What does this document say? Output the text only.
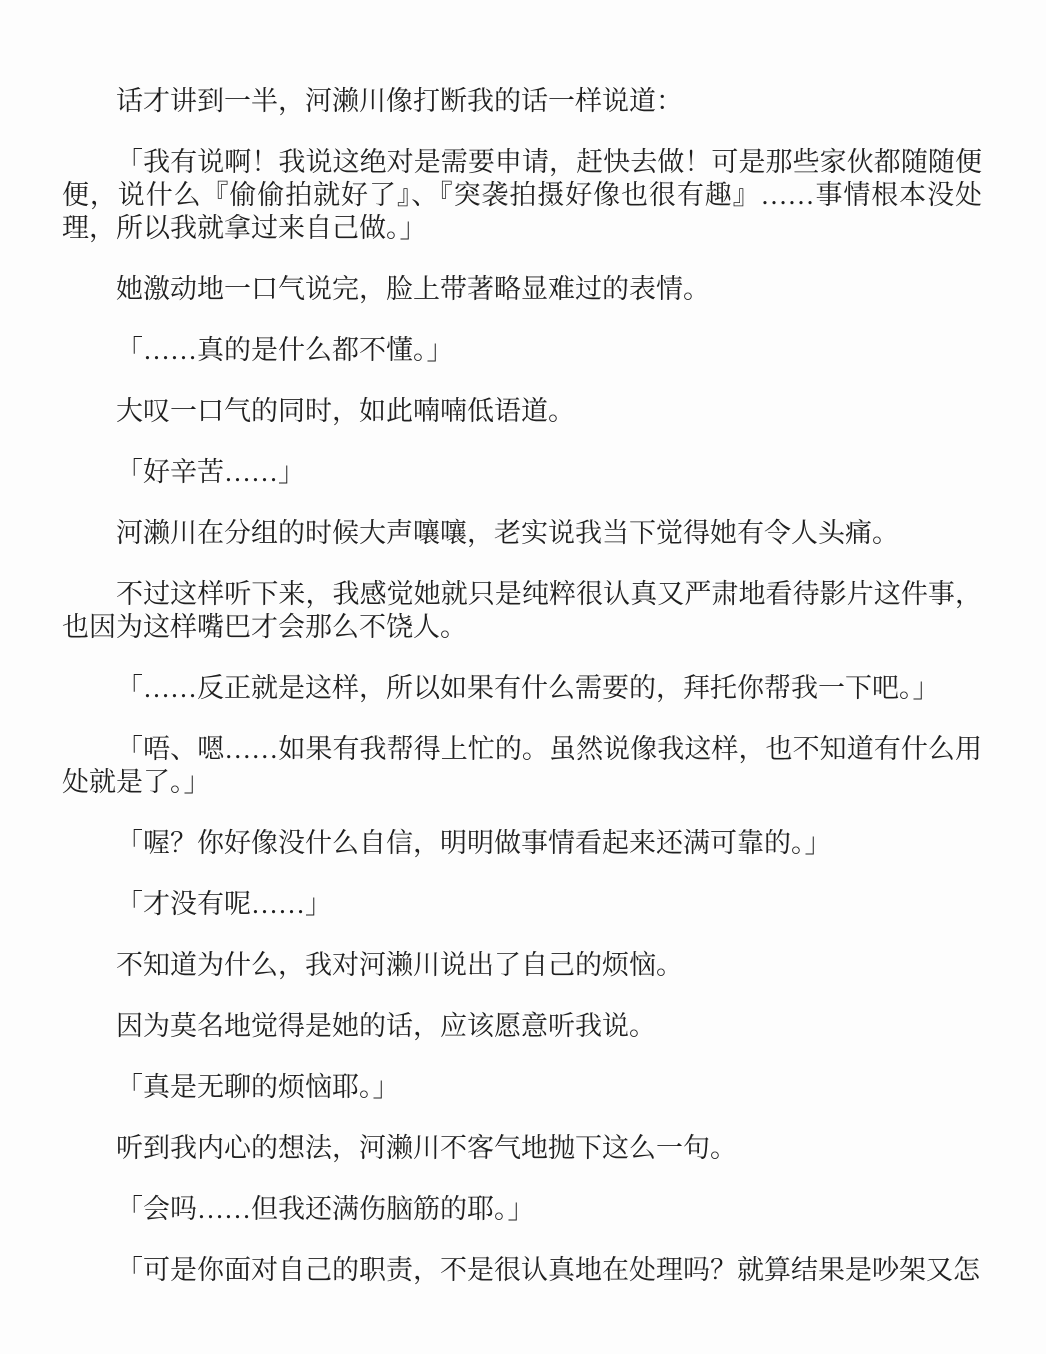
话才讲到一半，河濑川像打断我的话一样说道：

「我有说啊！我说这绝对是需要申请，赶快去做！可是那些家伙都随随便便，说什么『偷偷拍就好了』、『突袭拍摄好像也很有趣』……事情根本没处理，所以我就拿过来自己做。」

她激动地一口气说完，脸上带著略显难过的表情。

「……真的是什么都不懂。」

大叹一口气的同时，如此喃喃低语道。

「好辛苦……」

河濑川在分组的时候大声嚷嚷，老实说我当下觉得她有令人头痛。

不过这样听下来，我感觉她就只是纯粹很认真又严肃地看待影片这件事，也因为这样嘴巴才会那么不饶人。

「……反正就是这样，所以如果有什么需要的，拜托你帮我一下吧。」

「唔、嗯……如果有我帮得上忙的。虽然说像我这样，也不知道有什么用处就是了。」

「喔？你好像没什么自信，明明做事情看起来还满可靠的。」

「才没有呢……」

不知道为什么，我对河濑川说出了自己的烦恼。

因为莫名地觉得是她的话，应该愿意听我说。

「真是无聊的烦恼耶。」

听到我内心的想法，河濑川不客气地抛下这么一句。

「会吗……但我还满伤脑筋的耶。」

「可是你面对自己的职责，不是很认真地在处理吗？就算结果是吵架又怎
